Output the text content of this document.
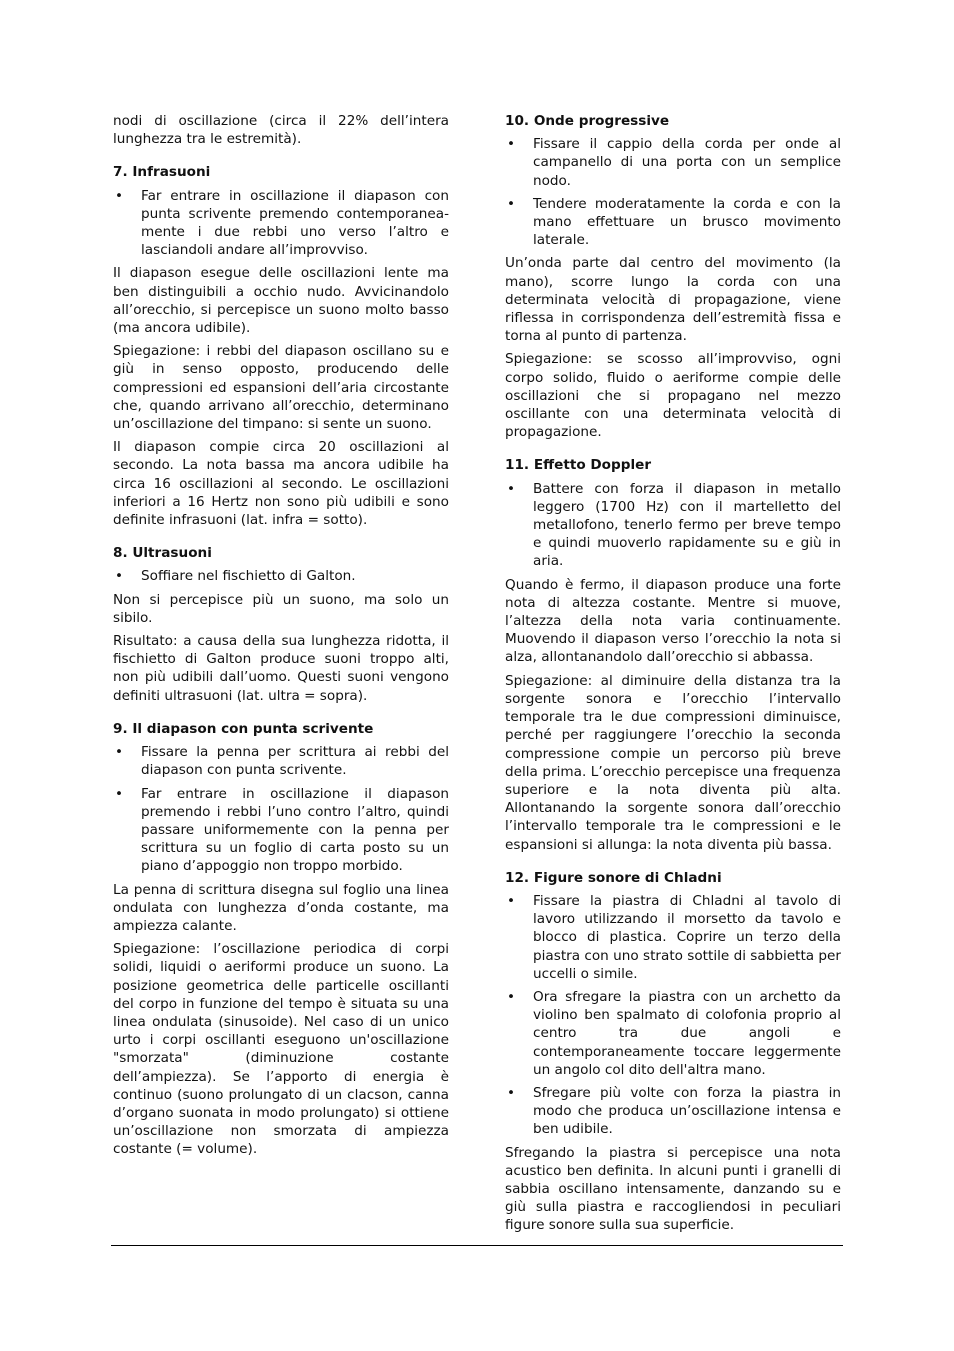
nodi di oscillazione (circa il 22% dell’intera lunghezza tra le estremità).

7. Infrasuoni
• Far entrare in oscillazione il diapason con punta scrivente premendo contemporanea-mente i due rebbi uno verso l’altro e lasciandoli andare all’improvviso.

Il diapason esegue delle oscillazioni lente ma ben distinguibili a occhio nudo. Avvicinandolo all’orecchio, si percepisce un suono molto basso (ma ancora udibile).

Spiegazione: i rebbi del diapason oscillano su e giù in senso opposto, producendo delle compressioni ed espansioni dell’aria circostante che, quando arrivano all’orecchio, determinano un’oscillazione del timpano: si sente un suono.

Il diapason compie circa 20 oscillazioni al secondo. La nota bassa ma ancora udibile ha circa 16 oscillazioni al secondo. Le oscillazioni inferiori a 16 Hertz non sono più udibili e sono definite infrasuoni (lat. infra = sotto).

8. Ultrasuoni
• Soffiare nel fischietto di Galton.

Non si percepisce più un suono, ma solo un sibilo.

Risultato: a causa della sua lunghezza ridotta, il fischietto di Galton produce suoni troppo alti, non più udibili dall’uomo. Questi suoni vengono definiti ultrasuoni (lat. ultra = sopra).

9. Il diapason con punta scrivente
• Fissare la penna per scrittura ai rebbi del diapason con punta scrivente.
• Far entrare in oscillazione il diapason premendo i rebbi l’uno contro l’altro, quindi passare uniformemente con la penna per scrittura su un foglio di carta posto su un piano d’appoggio non troppo morbido.

La penna di scrittura disegna sul foglio una linea ondulata con lunghezza d’onda costante, ma ampiezza calante.

Spiegazione: l’oscillazione periodica di corpi solidi, liquidi o aeriformi produce un suono. La posizione geometrica delle particelle oscillanti del corpo in funzione del tempo è situata su una linea ondulata (sinusoide). Nel caso di un unico urto i corpi oscillanti eseguono un'oscillazione "smorzata" (diminuzione costante dell’ampiezza). Se l’apporto di energia è continuo (suono prolungato di un clacson, canna d’organo suonata in modo prolungato) si ottiene un’oscillazione non smorzata di ampiezza costante (= volume).

10. Onde progressive
• Fissare il cappio della corda per onde al campanello di una porta con un semplice nodo.
• Tendere moderatamente la corda e con la mano effettuare un brusco movimento laterale.

Un’onda parte dal centro del movimento (la mano), scorre lungo la corda con una determinata velocità di propagazione, viene riflessa in corrispondenza dell’estremità fissa e torna al punto di partenza.

Spiegazione: se scosso all’improvviso, ogni corpo solido, fluido o aeriforme compie delle oscillazioni che si propagano nel mezzo oscillante con una determinata velocità di propagazione.

11. Effetto Doppler
• Battere con forza il diapason in metallo leggero (1700 Hz) con il martelletto del metallofono, tenerlo fermo per breve tempo e quindi muoverlo rapidamente su e giù in aria.

Quando è fermo, il diapason produce una forte nota di altezza costante. Mentre si muove, l’altezza della nota varia continuamente. Muovendo il diapason verso l’orecchio la nota si alza, allontanandolo dall’orecchio si abbassa.

Spiegazione: al diminuire della distanza tra la sorgente sonora e l’orecchio l’intervallo temporale tra le due compressioni diminuisce, perché per raggiungere l’orecchio la seconda compressione compie un percorso più breve della prima. L’orecchio percepisce una frequenza superiore e la nota diventa più alta. Allontanando la sorgente sonora dall’orecchio l’intervallo temporale tra le compressioni e le espansioni si allunga: la nota diventa più bassa.

12. Figure sonore di Chladni
• Fissare la piastra di Chladni al tavolo di lavoro utilizzando il morsetto da tavolo e blocco di plastica. Coprire un terzo della piastra con uno strato sottile di sabbietta per uccelli o simile.
• Ora sfregare la piastra con un archetto da violino ben spalmato di colofonia proprio al centro tra due angoli e contemporaneamente toccare leggermente un angolo col dito dell'altra mano.
• Sfregare più volte con forza la piastra in modo che produca un’oscillazione intensa e ben udibile.

Sfregando la piastra si percepisce una nota acustico ben definita. In alcuni punti i granelli di sabbia oscillano intensamente, danzando su e giù sulla piastra e raccogliendosi in peculiari figure sonore sulla sua superficie.
